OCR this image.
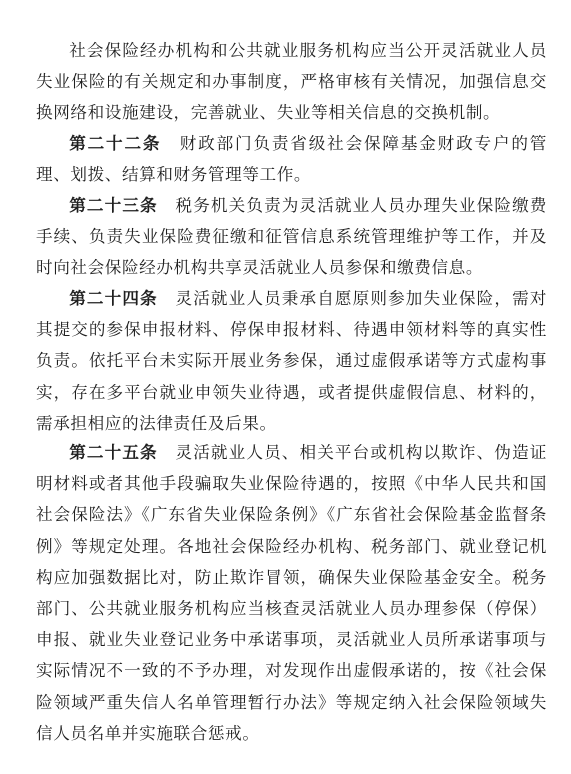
社会保险经办机构和公共就业服务机构应当公开灵活就业人员失业保险的有关规定和办事制度，严格审核有关情况，加强信息交换网络和设施建设，完善就业、失业等相关信息的交换机制。

第二十二条  财政部门负责省级社会保障基金财政专户的管理、划拨、结算和财务管理等工作。

第二十三条  税务机关负责为灵活就业人员办理失业保险缴费手续、负责失业保险费征缴和征管信息系统管理维护等工作，并及时向社会保险经办机构共享灵活就业人员参保和缴费信息。

第二十四条  灵活就业人员秉承自愿原则参加失业保险，需对其提交的参保申报材料、停保申报材料、待遇申领材料等的真实性负责。依托平台未实际开展业务参保，通过虚假承诺等方式虚构事实，存在多平台就业申领失业待遇，或者提供虚假信息、材料的，需承担相应的法律责任及后果。

第二十五条  灵活就业人员、相关平台或机构以欺诈、伪造证明材料或者其他手段骗取失业保险待遇的，按照《中华人民共和国社会保险法》《广东省失业保险条例》《广东省社会保险基金监督条例》等规定处理。各地社会保险经办机构、税务部门、就业登记机构应加强数据比对，防止欺诈冒领，确保失业保险基金安全。税务部门、公共就业服务机构应当核查灵活就业人员办理参保（停保）申报、就业失业登记业务中承诺事项，灵活就业人员所承诺事项与实际情况不一致的不予办理，对发现作出虚假承诺的，按《社会保险领域严重失信人名单管理暂行办法》等规定纳入社会保险领域失信人员名单并实施联合惩戒。
